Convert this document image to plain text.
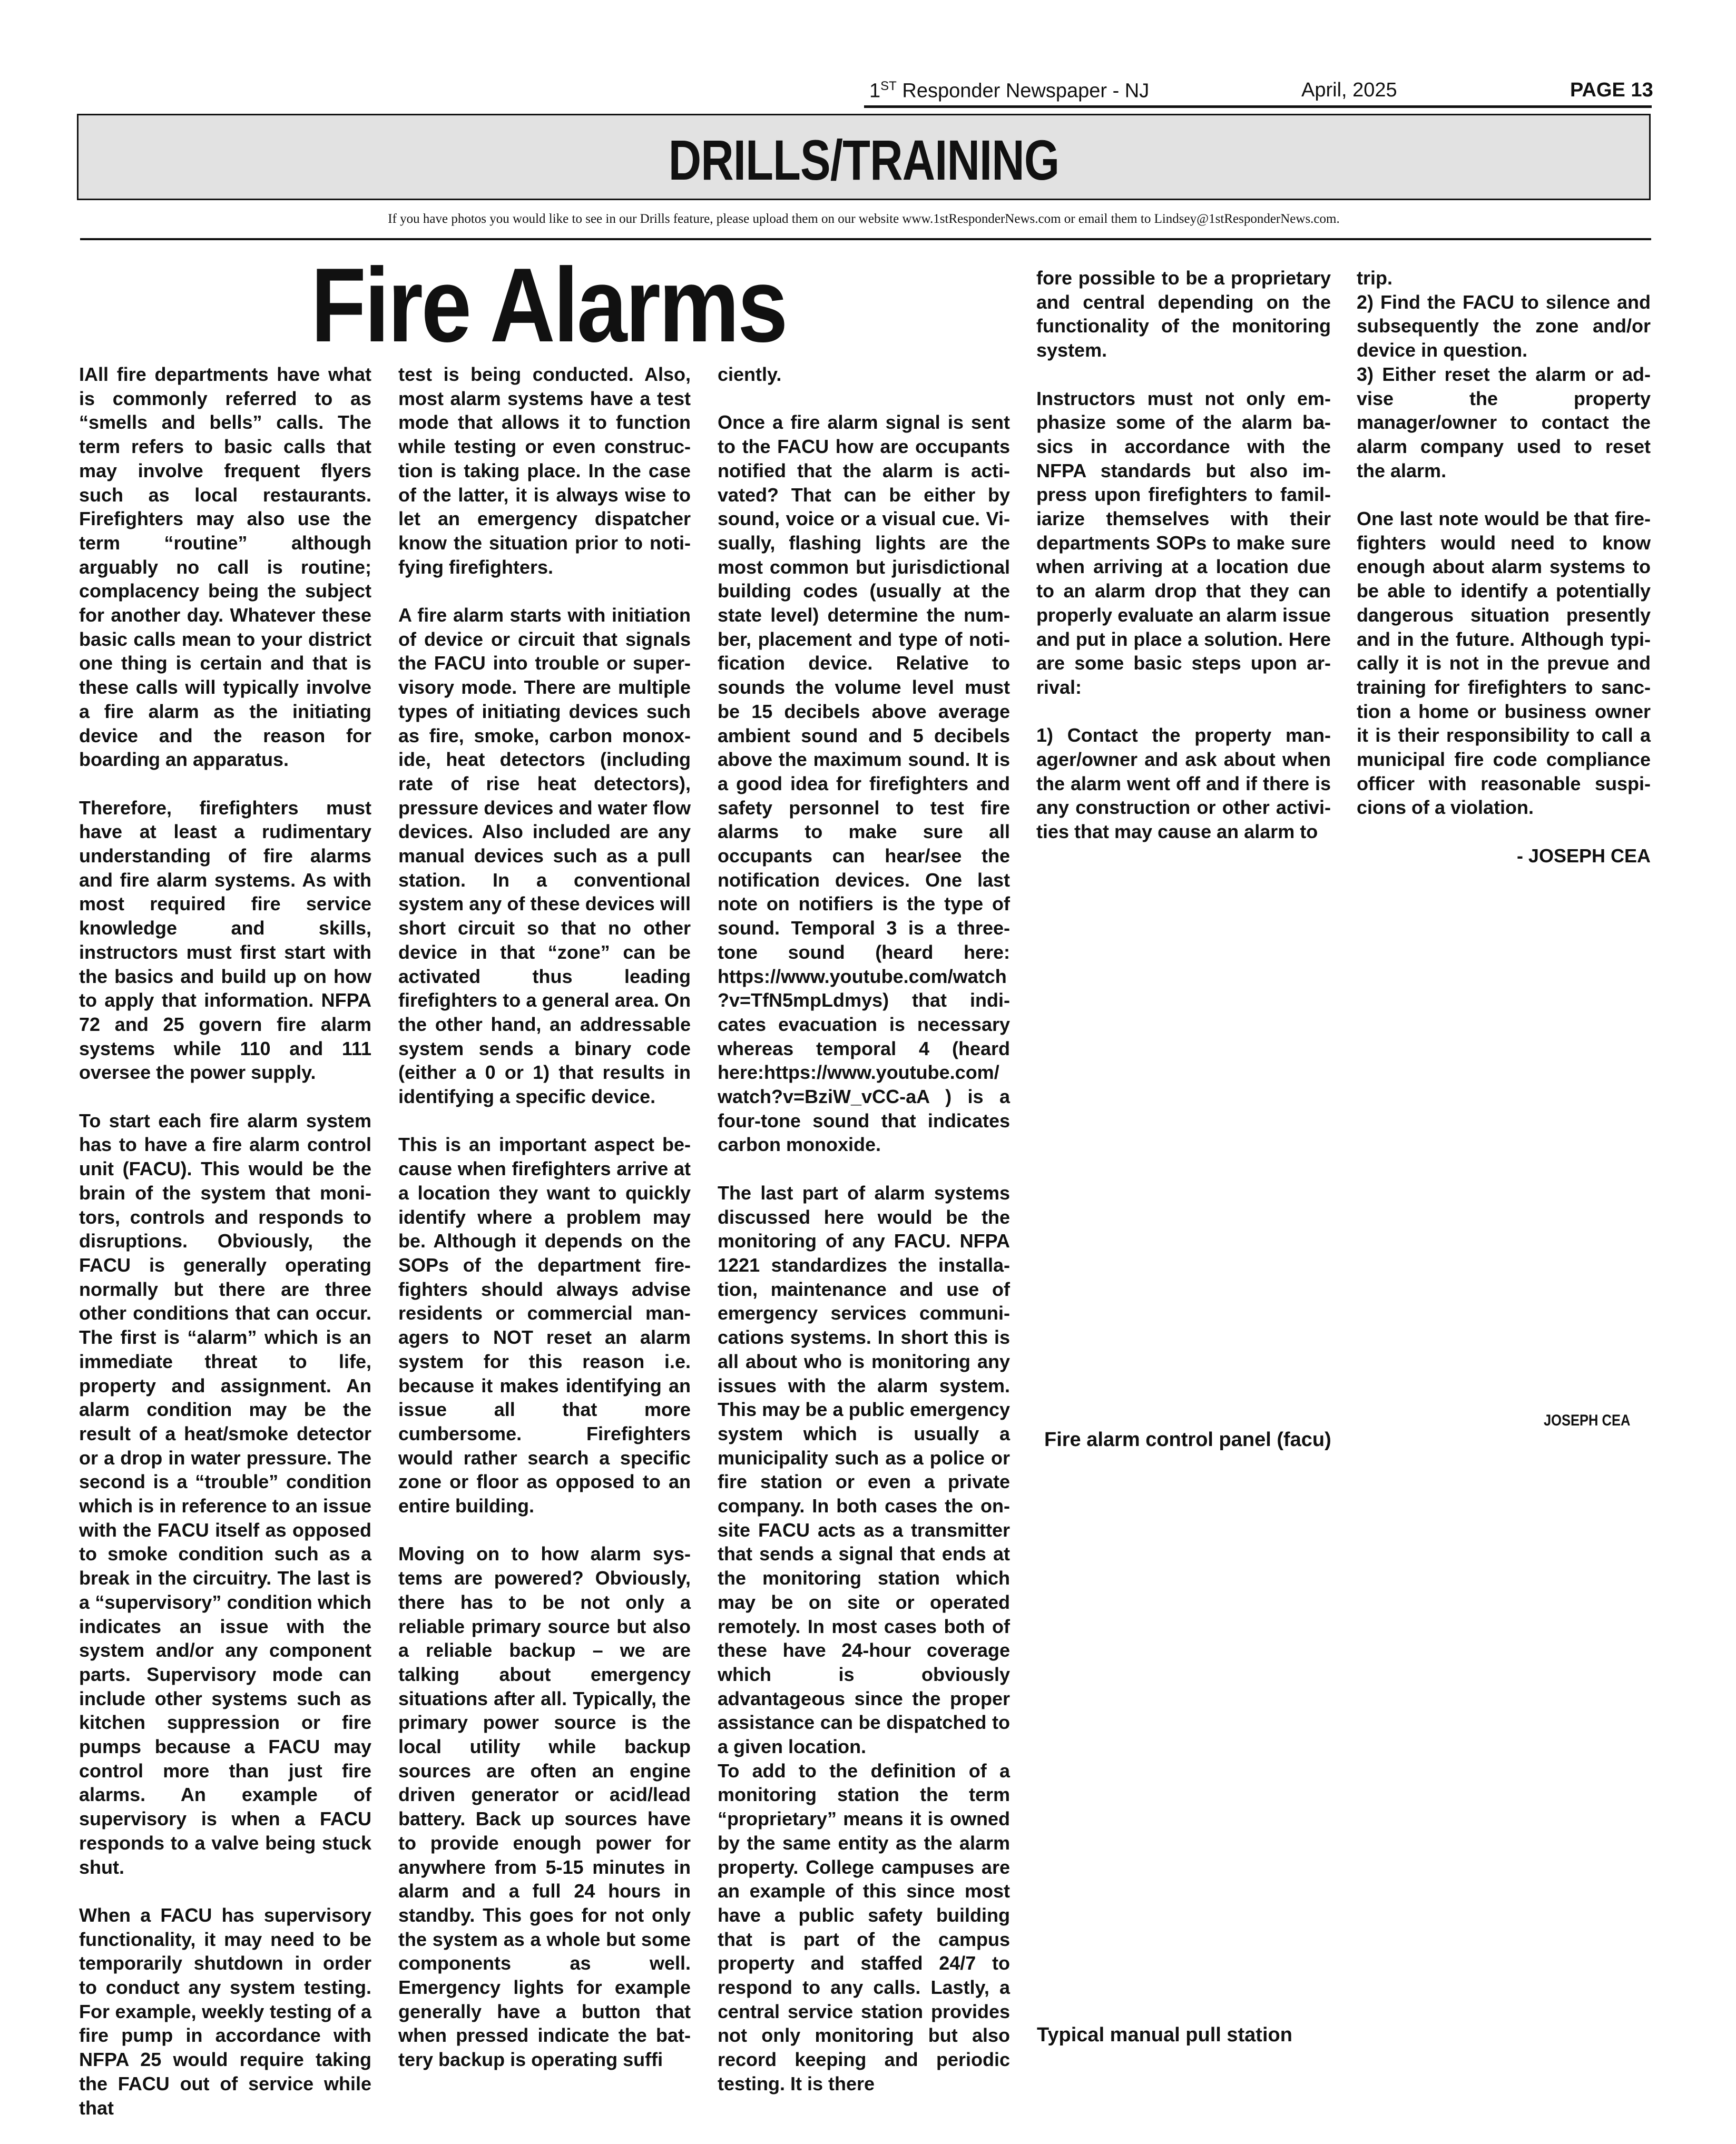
1ST Responder Newspaper - NJ	April, 2025	PAGE 13
DRILLS/TRAINING
If you have photos you would like to see in our Drills feature, please upload them on our website www.1stResponderNews.com or email them to Lindsey@1stResponderNews.com.
Fire Alarms

IAll fire departments have what is commonly referred to as “smells and bells” calls. The term refers to basic calls that may involve frequent flyers such as local restaurants. Firefighters may also use the term “routine” although arguably no call is routine; complacency being the subject for another day. Whatever these basic calls mean to your district one thing is certain and that is these calls will typically involve a fire alarm as the initiating device and the reason for boarding an apparatus.

Therefore, firefighters must have at least a rudimentary understanding of fire alarms and fire alarm systems. As with most required fire service knowledge and skills, instructors must first start with the basics and build up on how to apply that information. NFPA 72 and 25 govern fire alarm systems while 110 and 111 oversee the power supply.

To start each fire alarm system has to have a fire alarm control unit (FACU). This would be the brain of the system that monitors, controls and responds to disruptions. Obviously, the FACU is generally operating normally but there are three other conditions that can occur. The first is “alarm” which is an immediate threat to life, property and assignment. An alarm condition may be the result of a heat/smoke detector or a drop in water pressure. The second is a “trouble” condition which is in reference to an issue with the FACU itself as opposed to smoke condition such as a break in the circuitry. The last is a “supervisory” condition which indicates an issue with the system and/or any component parts. Supervisory mode can include other systems such as kitchen suppression or fire pumps because a FACU may control more than just fire alarms. An example of supervisory is when a FACU responds to a valve being stuck shut.

When a FACU has supervisory functionality, it may need to be temporarily shutdown in order to conduct any system testing. For example, weekly testing of a fire pump in accordance with NFPA 25 would require taking the FACU out of service while that

test is being conducted. Also, most alarm systems have a test mode that allows it to function while testing or even construction is taking place. In the case of the latter, it is always wise to let an emergency dispatcher know the situation prior to notifying firefighters.

A fire alarm starts with initiation of device or circuit that signals the FACU into trouble or supervisory mode. There are multiple types of initiating devices such as fire, smoke, carbon monoxide, heat detectors (including rate of rise heat detectors), pressure devices and water flow devices. Also included are any manual devices such as a pull station. In a conventional system any of these devices will short circuit so that no other device in that “zone” can be activated thus leading firefighters to a general area. On the other hand, an addressable system sends a binary code (either a 0 or 1) that results in identifying a specific device.

This is an important aspect because when firefighters arrive at a location they want to quickly identify where a problem may be. Although it depends on the SOPs of the department firefighters should always advise residents or commercial managers to NOT reset an alarm system for this reason i.e. because it makes identifying an issue all that more cumbersome. Firefighters would rather search a specific zone or floor as opposed to an entire building.

Moving on to how alarm systems are powered? Obviously, there has to be not only a reliable primary source but also a reliable backup – we are talking about emergency situations after all. Typically, the primary power source is the local utility while backup sources are often an engine driven generator or acid/lead battery. Back up sources have to provide enough power for anywhere from 5-15 minutes in alarm and a full 24 hours in standby. This goes for not only the system as a whole but some components as well. Emergency lights for example generally have a button that when pressed indicate the battery backup is operating suffi

ciently.

Once a fire alarm signal is sent to the FACU how are occupants notified that the alarm is activated? That can be either by sound, voice or a visual cue. Visually, flashing lights are the most common but jurisdictional building codes (usually at the state level) determine the number, placement and type of notification device. Relative to sounds the volume level must be 15 decibels above average ambient sound and 5 decibels above the maximum sound. It is a good idea for firefighters and safety personnel to test fire alarms to make sure all occupants can hear/see the notification devices. One last note on notifiers is the type of sound. Temporal 3 is a three-tone sound (heard here: https://www.youtube.com/watch ?v=TfN5mpLdmys) that indicates evacuation is necessary whereas temporal 4 (heard here:https://www.youtube.com/ watch?v=BziW_vCC-aA ) is a four-tone sound that indicates carbon monoxide.

The last part of alarm systems discussed here would be the monitoring of any FACU. NFPA 1221 standardizes the installation, maintenance and use of emergency services communications systems. In short this is all about who is monitoring any issues with the alarm system. This may be a public emergency system which is usually a municipality such as a police or fire station or even a private company. In both cases the on-site FACU acts as a transmitter that sends a signal that ends at the monitoring station which may be on site or operated remotely. In most cases both of these have 24-hour coverage which is obviously advantageous since the proper assistance can be dispatched to a given location.

To add to the definition of a monitoring station the term “proprietary” means it is owned by the same entity as the alarm property. College campuses are an example of this since most have a public safety building that is part of the campus property and staffed 24/7 to respond to any calls. Lastly, a central service station provides not only monitoring but also record keeping and periodic testing. It is there

fore possible to be a proprietary and central depending on the functionality of the monitoring system.

Instructors must not only emphasize some of the alarm basics in accordance with the NFPA standards but also impress upon firefighters to familiarize themselves with their departments SOPs to make sure when arriving at a location due to an alarm drop that they can properly evaluate an alarm issue and put in place a solution. Here are some basic steps upon arrival:

1) Contact the property manager/owner and ask about when the alarm went off and if there is any construction or other activities that may cause an alarm to

trip.

2) Find the FACU to silence and subsequently the zone and/or device in question.

3) Either reset the alarm or advise the property manager/owner to contact the alarm company used to reset the alarm.

One last note would be that firefighters would need to know enough about alarm systems to be able to identify a potentially dangerous situation presently and in the future. Although typically it is not in the prevue and training for firefighters to sanction a home or business owner it is their responsibility to call a municipal fire code compliance officer with reasonable suspicions of a violation.

- JOSEPH CEA

JOSEPH CEA
Fire alarm control panel (facu)
Typical manual pull station
